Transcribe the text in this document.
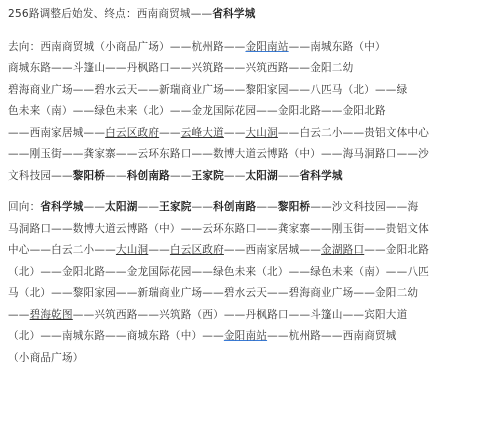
256路调整后始发、终点：西南商贸城——省科学城
去向：西南商贸城（小商品广场）——杭州路——金阳南站——南城东路（中）
商城东路——斗篷山——丹枫路口——兴筑路——兴筑西路——金阳二幼
碧海商业广场——碧水云天——新瑞商业广场——黎阳家园——八匹马（北）——绿
色未来（南）——绿色未来（北）——金龙国际花园——金阳北路——金阳北路
——西南家居城——白云区政府——云峰大道——大山洞——白云二小——贵铝文体中心
——刚玉街——龚家寨——云环东路口——数博大道云博路（中）——海马洞路口——沙
文科技园——黎阳桥——科创南路——王家院——太阳湖——省科学城
回向：省科学城——太阳湖——王家院——科创南路——黎阳桥——沙文科技园——海
马洞路口——数博大道云博路（中）——云环东路口——龚家寨——刚玉街——贵铝文体
中心——白云二小——大山洞——白云区政府——西南家居城——金湖路口——金阳北路
（北）——金阳北路——金龙国际花园——绿色未来（北）——绿色未来（南）——八匹
马（北）——黎阳家园——新瑞商业广场——碧水云天——碧海商业广场——金阳二幼
——碧海乾图——兴筑西路——兴筑路（西）——丹枫路口——斗篷山——宾阳大道
（北）——南城东路——商城东路（中）——金阳南站——杭州路——西南商贸城
（小商品广场）
